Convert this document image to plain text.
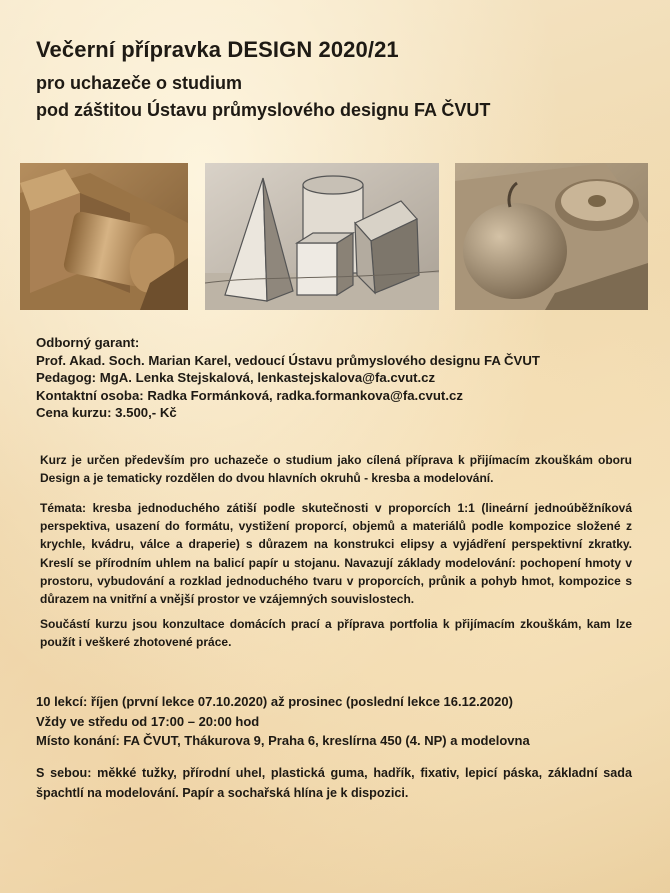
Večerní přípravka DESIGN 2020/21

pro uchazeče o studium

pod záštitou Ústavu průmyslového designu FA ČVUT

Odborný garant:
Prof. Akad. Soch. Marian Karel, vedoucí Ústavu průmyslového designu FA ČVUT
Pedagog: MgA. Lenka Stejskalová, lenkastejskalova@fa.cvut.cz
Kontaktní osoba: Radka Formánková, radka.formankova@fa.cvut.cz
Cena kurzu: 3.500,- Kč

Kurz je určen především pro uchazeče o studium jako cílená příprava k přijímacím zkouškám oboru Design a je tematicky rozdělen do dvou hlavních okruhů - kresba a modelování.

Témata: kresba jednoduchého zátiší podle skutečnosti v proporcích 1:1 (lineární jednoúběžníková perspektiva, usazení do formátu, vystižení proporcí, objemů a materiálů podle kompozice složené z krychle, kvádru, válce a draperie) s důrazem na konstrukci elipsy a vyjádření perspektivní zkratky. Kreslí se přírodním uhlem na balicí papír u stojanu. Navazují základy modelování: pochopení hmoty v prostoru, vybudování a rozklad jednoduchého tvaru v proporcích, průnik a pohyb hmot, kompozice s důrazem na vnitřní a vnější prostor ve vzájemných souvislostech.

Součástí kurzu jsou konzultace domácích prací a příprava portfolia k přijímacím zkouškám, kam lze použít i veškeré zhotovené práce.

10 lekcí: říjen (první lekce 07.10.2020) až prosinec (poslední lekce 16.12.2020)
Vždy ve středu od 17:00 – 20:00 hod
Místo konání: FA ČVUT, Thákurova 9, Praha 6, kreslírna 450 (4. NP) a modelovna

S sebou: měkké tužky, přírodní uhel, plastická guma, hadřík, fixativ, lepicí páska, základní sada špachtlí na modelování. Papír a sochařská hlína je k dispozici.
